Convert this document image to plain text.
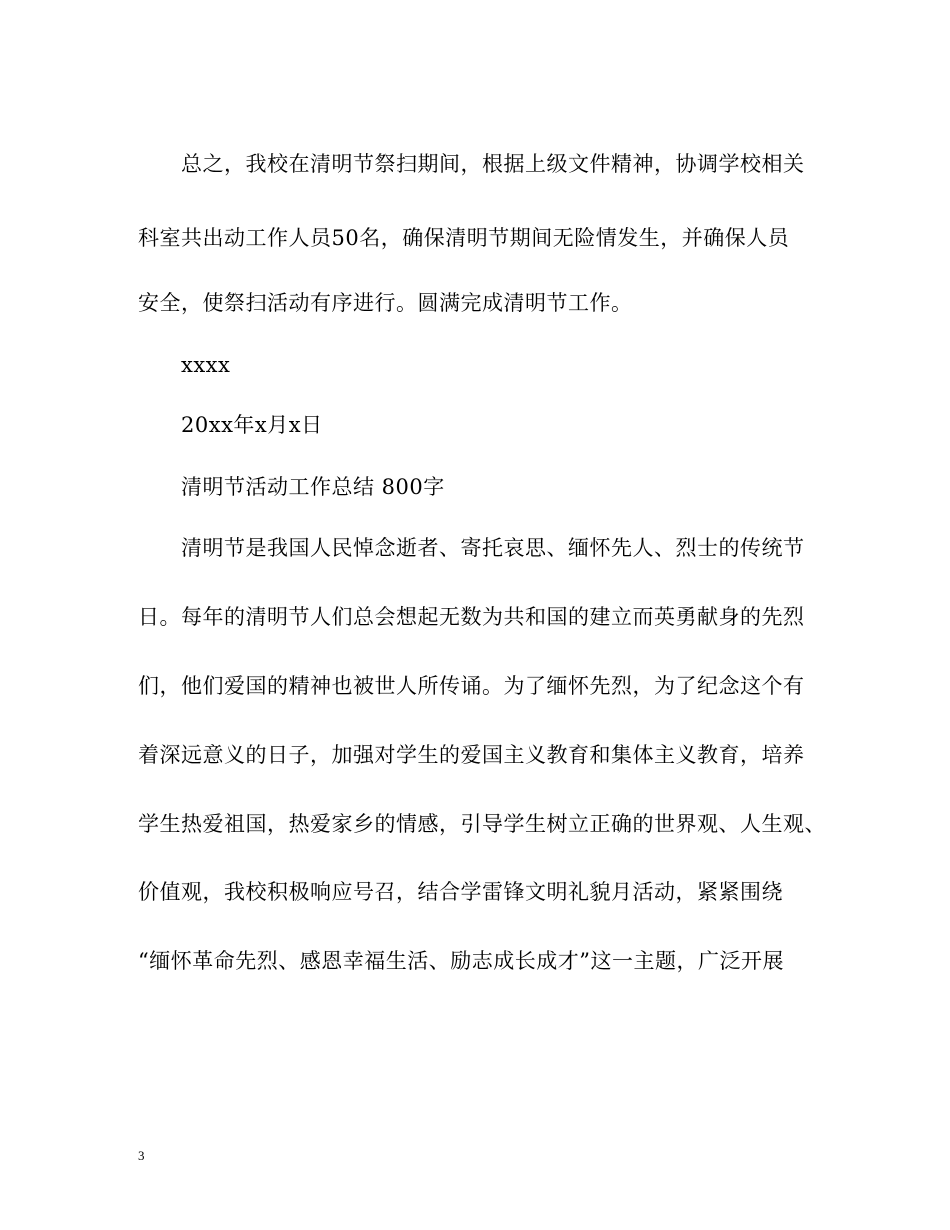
总之，我校在清明节祭扫期间，根据上级文件精神，协调学校相关
科室共出动工作人员50名，确保清明节期间无险情发生，并确保人员
安全，使祭扫活动有序进行。圆满完成清明节工作。
xxxx
20xx年x月x日
清明节活动工作总结 800字
清明节是我国人民悼念逝者、寄托哀思、缅怀先人、烈士的传统节
日。每年的清明节人们总会想起无数为共和国的建立而英勇献身的先烈
们，他们爱国的精神也被世人所传诵。为了缅怀先烈，为了纪念这个有
着深远意义的日子，加强对学生的爱国主义教育和集体主义教育，培养
学生热爱祖国，热爱家乡的情感，引导学生树立正确的世界观、人生观、
价值观，我校积极响应号召，结合学雷锋文明礼貌月活动，紧紧围绕
“缅怀革命先烈、感恩幸福生活、励志成长成才”这一主题，广泛开展
3
